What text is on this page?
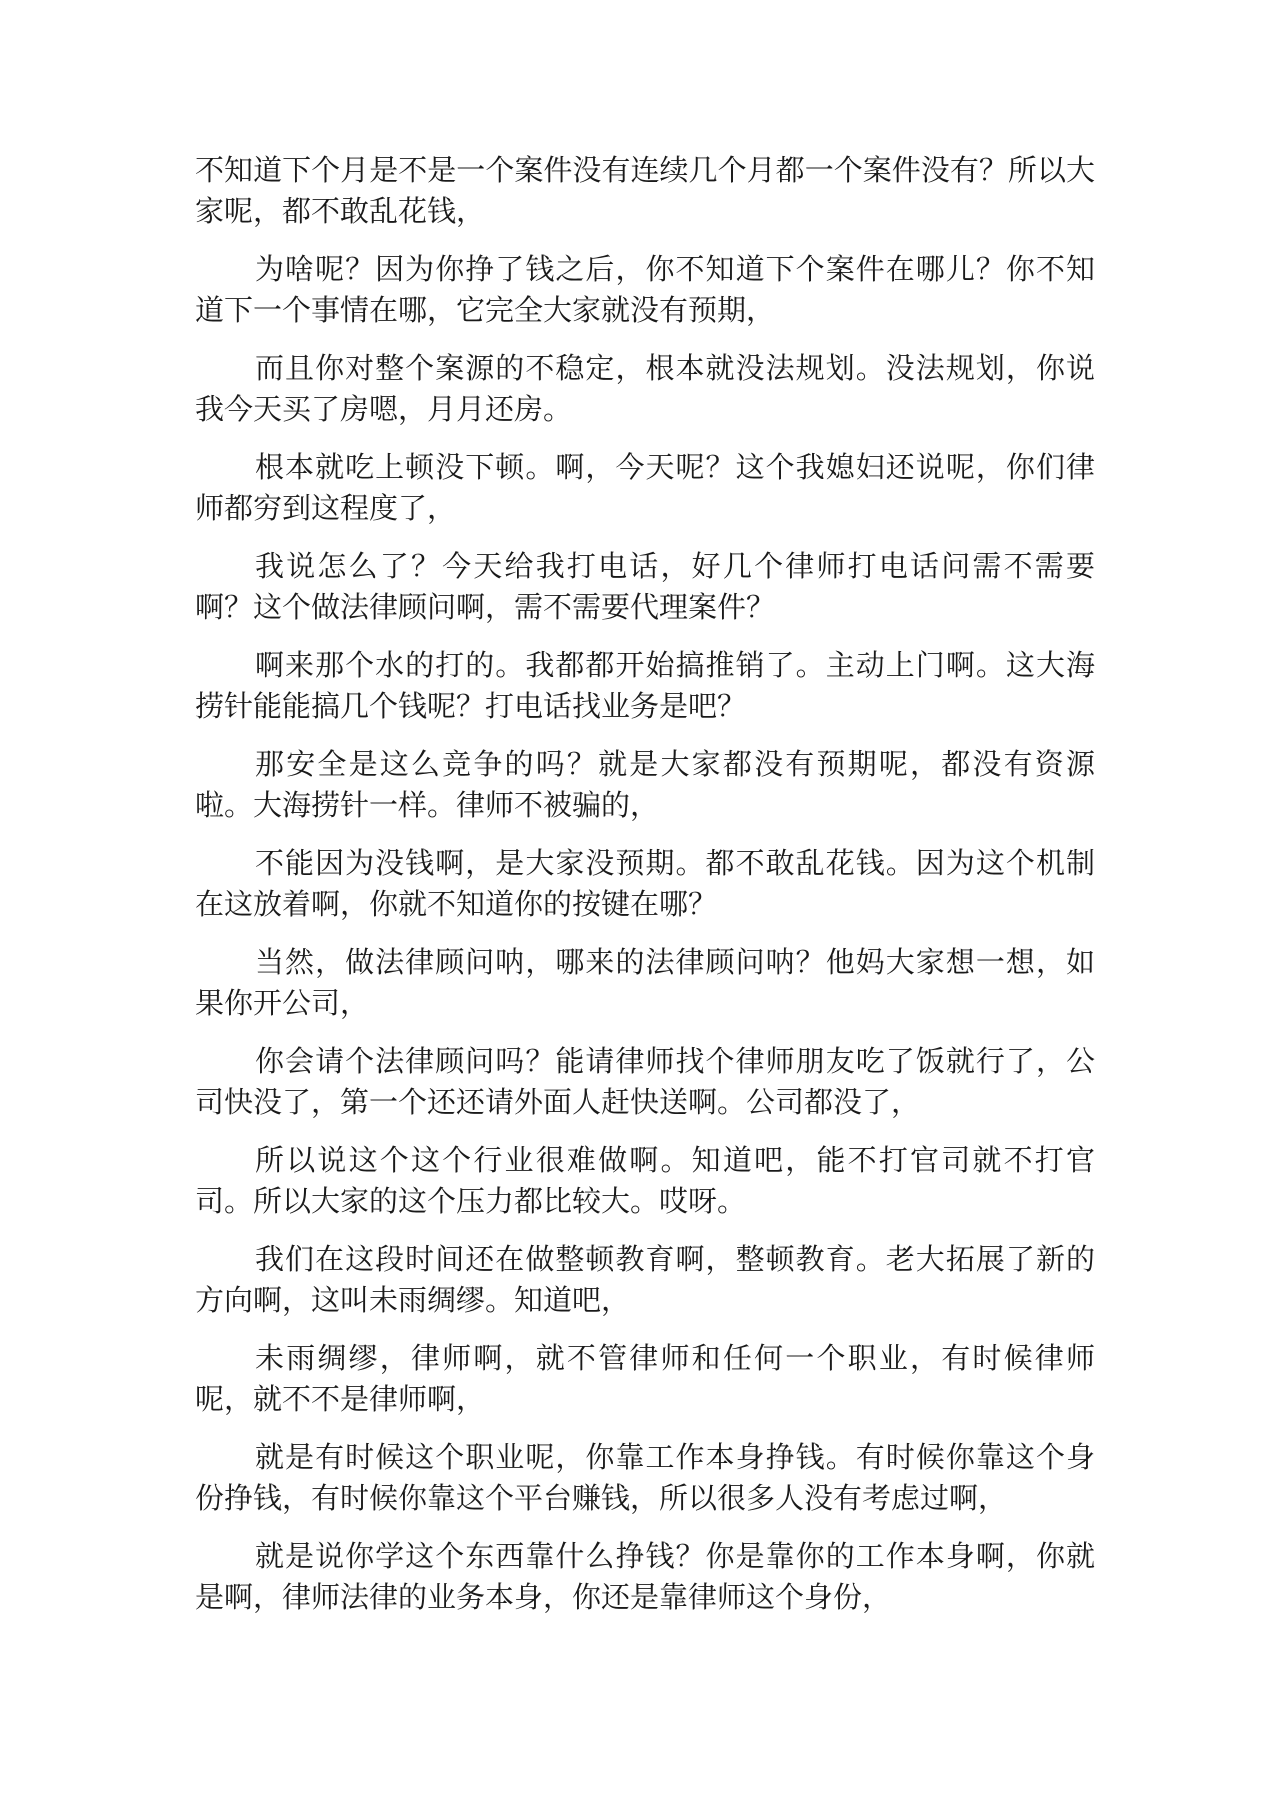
不知道下个月是不是一个案件没有连续几个月都一个案件没有？所以大家呢，都不敢乱花钱，

为啥呢？因为你挣了钱之后，你不知道下个案件在哪儿？你不知道下一个事情在哪，它完全大家就没有预期，

而且你对整个案源的不稳定，根本就没法规划。没法规划，你说我今天买了房嗯，月月还房。

根本就吃上顿没下顿。啊，今天呢？这个我媳妇还说呢，你们律师都穷到这程度了，

我说怎么了？今天给我打电话，好几个律师打电话问需不需要啊？这个做法律顾问啊，需不需要代理案件？

啊来那个水的打的。我都都开始搞推销了。主动上门啊。这大海捞针能能搞几个钱呢？打电话找业务是吧？

那安全是这么竞争的吗？就是大家都没有预期呢，都没有资源啦。大海捞针一样。律师不被骗的，

不能因为没钱啊，是大家没预期。都不敢乱花钱。因为这个机制在这放着啊，你就不知道你的按键在哪？

当然，做法律顾问呐，哪来的法律顾问呐？他妈大家想一想，如果你开公司，

你会请个法律顾问吗？能请律师找个律师朋友吃了饭就行了，公司快没了，第一个还还请外面人赶快送啊。公司都没了，

所以说这个这个行业很难做啊。知道吧，能不打官司就不打官司。所以大家的这个压力都比较大。哎呀。

我们在这段时间还在做整顿教育啊，整顿教育。老大拓展了新的方向啊，这叫未雨绸缪。知道吧，

未雨绸缪，律师啊，就不管律师和任何一个职业，有时候律师呢，就不不是律师啊，

就是有时候这个职业呢，你靠工作本身挣钱。有时候你靠这个身份挣钱，有时候你靠这个平台赚钱，所以很多人没有考虑过啊，

就是说你学这个东西靠什么挣钱？你是靠你的工作本身啊，你就是啊，律师法律的业务本身，你还是靠律师这个身份，
